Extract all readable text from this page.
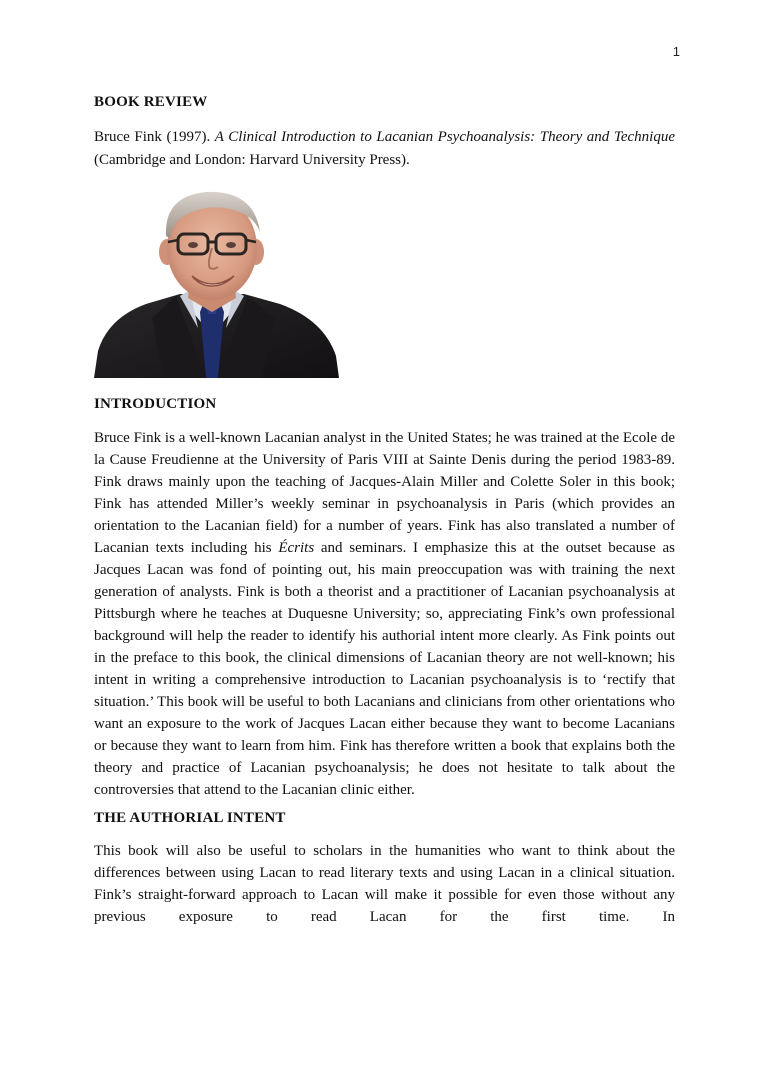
1

BOOK REVIEW

Bruce Fink (1997). A Clinical Introduction to Lacanian Psychoanalysis: Theory and Technique (Cambridge and London: Harvard University Press).

INTRODUCTION

Bruce Fink is a well-known Lacanian analyst in the United States; he was trained at the Ecole de la Cause Freudienne at the University of Paris VIII at Sainte Denis during the period 1983-89. Fink draws mainly upon the teaching of Jacques-Alain Miller and Colette Soler in this book; Fink has attended Miller’s weekly seminar in psychoanalysis in Paris (which provides an orientation to the Lacanian field) for a number of years. Fink has also translated a number of Lacanian texts including his Écrits and seminars. I emphasize this at the outset because as Jacques Lacan was fond of pointing out, his main preoccupation was with training the next generation of analysts. Fink is both a theorist and a practitioner of Lacanian psychoanalysis at Pittsburgh where he teaches at Duquesne University; so, appreciating Fink’s own professional background will help the reader to identify his authorial intent more clearly. As Fink points out in the preface to this book, the clinical dimensions of Lacanian theory are not well-known; his intent in writing a comprehensive introduction to Lacanian psychoanalysis is to ‘rectify that situation.’ This book will be useful to both Lacanians and clinicians from other orientations who want an exposure to the work of Jacques Lacan either because they want to become Lacanians or because they want to learn from him. Fink has therefore written a book that explains both the theory and practice of Lacanian psychoanalysis; he does not hesitate to talk about the controversies that attend to the Lacanian clinic either.

THE AUTHORIAL INTENT

This book will also be useful to scholars in the humanities who want to think about the differences between using Lacan to read literary texts and using Lacan in a clinical situation. Fink’s straight-forward approach to Lacan will make it possible for even those without any previous exposure to read Lacan for the first time. In
